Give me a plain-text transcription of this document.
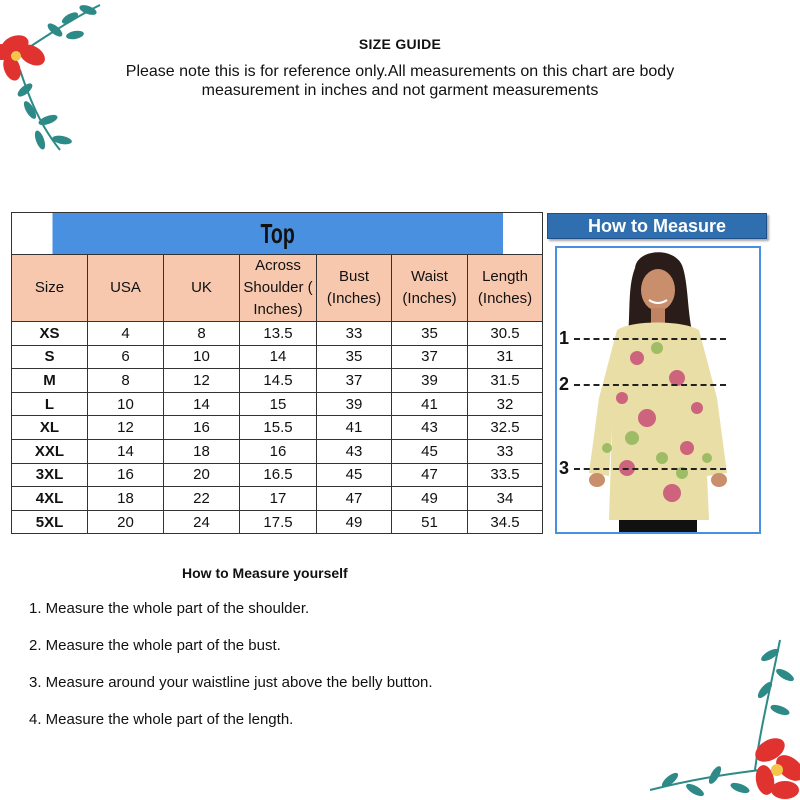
SIZE GUIDE
Please note this is for reference only.All measurements on this chart are body measurement in inches and not garment measurements
Top						
Size	USA	UK	Across Shoulder ( Inches)	Bust (Inches)	Waist (Inches)	Length (Inches)
XS	4	8	13.5	33	35	30.5
S	6	10	14	35	37	31
M	8	12	14.5	37	39	31.5
L	10	14	15	39	41	32
XL	12	16	15.5	41	43	32.5
XXL	14	18	16	43	45	33
3XL	16	20	16.5	45	47	33.5
4XL	18	22	17	47	49	34
5XL	20	24	17.5	49	51	34.5
How to Measure
1
2
3
How to Measure yourself
1. Measure the whole part of the shoulder.
2. Measure the whole part of the bust.
3. Measure around your waistline just above the belly button.
4. Measure the whole part of the length.
